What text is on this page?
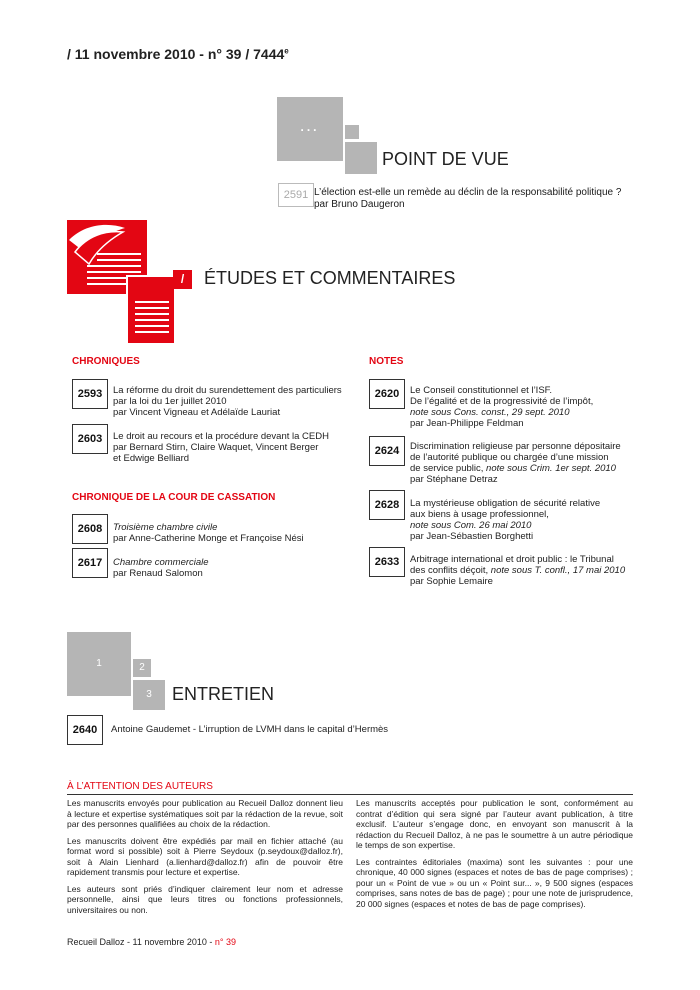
/ 11 novembre 2010 - n° 39 / 7444e
...
POINT DE VUE
2591 L’élection est-elle un remède au déclin de la responsabilité politique ?
par Bruno Daugeron
/	ÉTUDES ET COMMENTAIRES
CHRONIQUES
2593	La réforme du droit du surendettement des particuliers
par la loi du 1er juillet 2010
par Vincent Vigneau et Adélaïde Lauriat
2603	Le droit au recours et la procédure devant la CEDH
par Bernard Stirn, Claire Waquet, Vincent Berger
et Edwige Belliard
CHRONIQUE DE LA COUR DE CASSATION
2608	Troisième chambre civile
par Anne-Catherine Monge et Françoise Nési
2617	Chambre commerciale
par Renaud Salomon
NOTES
2620	Le Conseil constitutionnel et l’ISF.
De l’égalité et de la progressivité de l’impôt,
note sous Cons. const., 29 sept. 2010
par Jean-Philippe Feldman
2624	Discrimination religieuse par personne dépositaire
de l’autorité publique ou chargée d’une mission
de service public, note sous Crim. 1er sept. 2010
par Stéphane Detraz
2628	La mystérieuse obligation de sécurité relative
aux biens à usage professionnel,
note sous Com. 26 mai 2010
par Jean-Sébastien Borghetti
2633	Arbitrage international et droit public : le Tribunal
des conflits déçoit, note sous T. confl., 17 mai 2010
par Sophie Lemaire
1	2
3	ENTRETIEN
2640	Antoine Gaudemet - L’irruption de LVMH dans le capital d’Hermès
À L’ATTENTION DES AUTEURS

Les manuscrits envoyés pour publication au Recueil Dalloz donnent lieu à lecture et expertise systématiques soit par la rédaction de la revue, soit par des personnes qualifiées au choix de la rédaction.

Les manuscrits doivent être expédiés par mail en fichier attaché (au format word si possible) soit à Pierre Seydoux (p.seydoux@dalloz.fr), soit à Alain Lienhard (a.lienhard@dalloz.fr) afin de pouvoir être rapidement transmis pour lecture et expertise.

Les auteurs sont priés d’indiquer clairement leur nom et adresse personnelle, ainsi que leurs titres ou fonctions professionnels, universitaires ou non.

Les manuscrits acceptés pour publication le sont, conformément au contrat d’édition qui sera signé par l’auteur avant publication, à titre exclusif. L’auteur s’engage donc, en envoyant son manuscrit à la rédaction du Recueil Dalloz, à ne pas le soumettre à un autre périodique le temps de son expertise.

Les contraintes éditoriales (maxima) sont les suivantes : pour une chronique, 40 000 signes (espaces et notes de bas de page comprises) ; pour un « Point de vue » ou un « Point sur... », 9 500 signes (espaces comprises, sans notes de bas de page) ; pour une note de jurisprudence, 20 000 signes (espaces et notes de bas de page comprises).

Recueil Dalloz - 11 novembre 2010 - n° 39
